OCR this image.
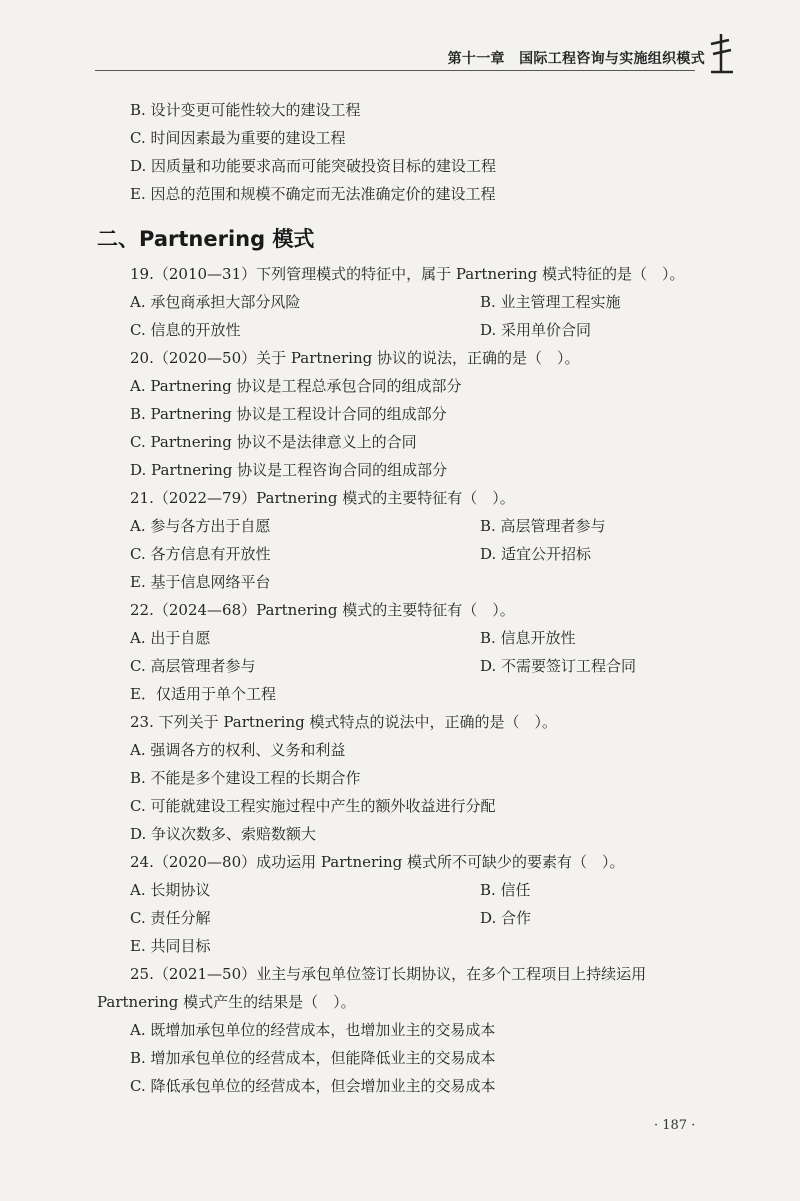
第十一章　国际工程咨询与实施组织模式
B. 设计变更可能性较大的建设工程
C. 时间因素最为重要的建设工程
D. 因质量和功能要求高而可能突破投资目标的建设工程
E. 因总的范围和规模不确定而无法准确定价的建设工程
二、Partnering 模式
19.（2010—31）下列管理模式的特征中，属于 Partnering 模式特征的是（　）。
A. 承包商承担大部分风险	B. 业主管理工程实施
C. 信息的开放性	D. 采用单价合同
20.（2020—50）关于 Partnering 协议的说法，正确的是（　）。
A. Partnering 协议是工程总承包合同的组成部分
B. Partnering 协议是工程设计合同的组成部分
C. Partnering 协议不是法律意义上的合同
D. Partnering 协议是工程咨询合同的组成部分
21.（2022—79）Partnering 模式的主要特征有（　）。
A. 参与各方出于自愿	B. 高层管理者参与
C. 各方信息有开放性	D. 适宜公开招标
E. 基于信息网络平台
22.（2024—68）Partnering 模式的主要特征有（　）。
A. 出于自愿	B. 信息开放性
C. 高层管理者参与	D. 不需要签订工程合同
E．仅适用于单个工程
23. 下列关于 Partnering 模式特点的说法中，正确的是（　）。
A. 强调各方的权利、义务和利益
B. 不能是多个建设工程的长期合作
C. 可能就建设工程实施过程中产生的额外收益进行分配
D. 争议次数多、索赔数额大
24.（2020—80）成功运用 Partnering 模式所不可缺少的要素有（　）。
A. 长期协议	B. 信任
C. 责任分解	D. 合作
E. 共同目标
25.（2021—50）业主与承包单位签订长期协议，在多个工程项目上持续运用
Partnering 模式产生的结果是（　）。
A. 既增加承包单位的经营成本，也增加业主的交易成本
B. 增加承包单位的经营成本，但能降低业主的交易成本
C. 降低承包单位的经营成本，但会增加业主的交易成本
· 187 ·
